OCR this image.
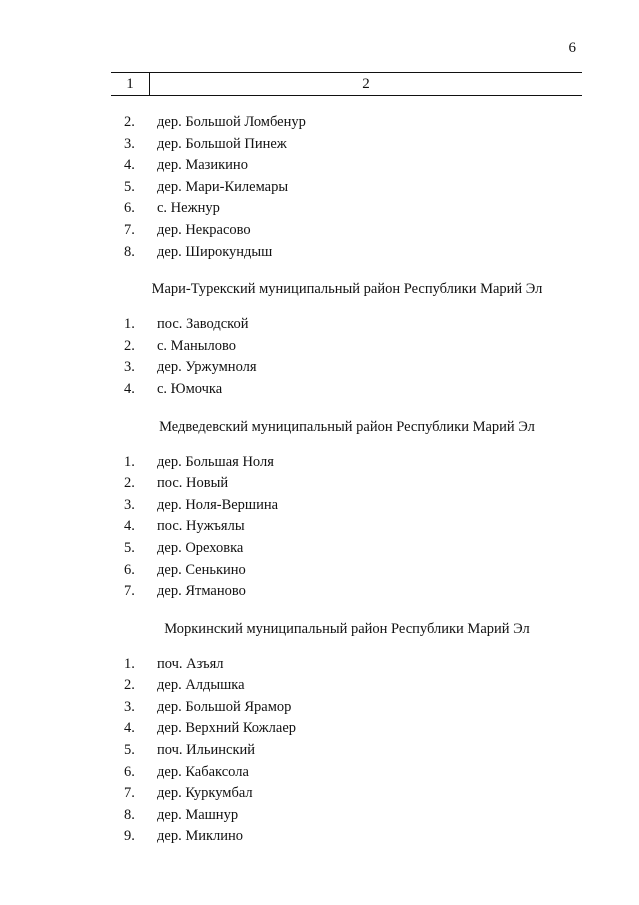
6
1	2
2.	дер. Большой Ломбенур
3.	дер. Большой Пинеж
4.	дер. Мазикино
5.	дер. Мари-Килемары
6.	с. Нежнур
7.	дер. Некрасово
8.	дер. Широкундыш
Мари-Турекский муниципальный район Республики Марий Эл
1.	пос. Заводской
2.	с. Манылово
3.	дер. Уржумноля
4.	с. Юмочка
Медведевский муниципальный район Республики Марий Эл
1.	дер. Большая Ноля
2.	пос. Новый
3.	дер. Ноля-Вершина
4.	пос. Нужъялы
5.	дер. Ореховка
6.	дер. Сенькино
7.	дер. Ятманово
Моркинский муниципальный район Республики Марий Эл
1.	поч. Азъял
2.	дер. Алдышка
3.	дер. Большой Ярамор
4.	дер. Верхний Кожлаер
5.	поч. Ильинский
6.	дер. Кабаксола
7.	дер. Куркумбал
8.	дер. Машнур
9.	дер. Миклино
